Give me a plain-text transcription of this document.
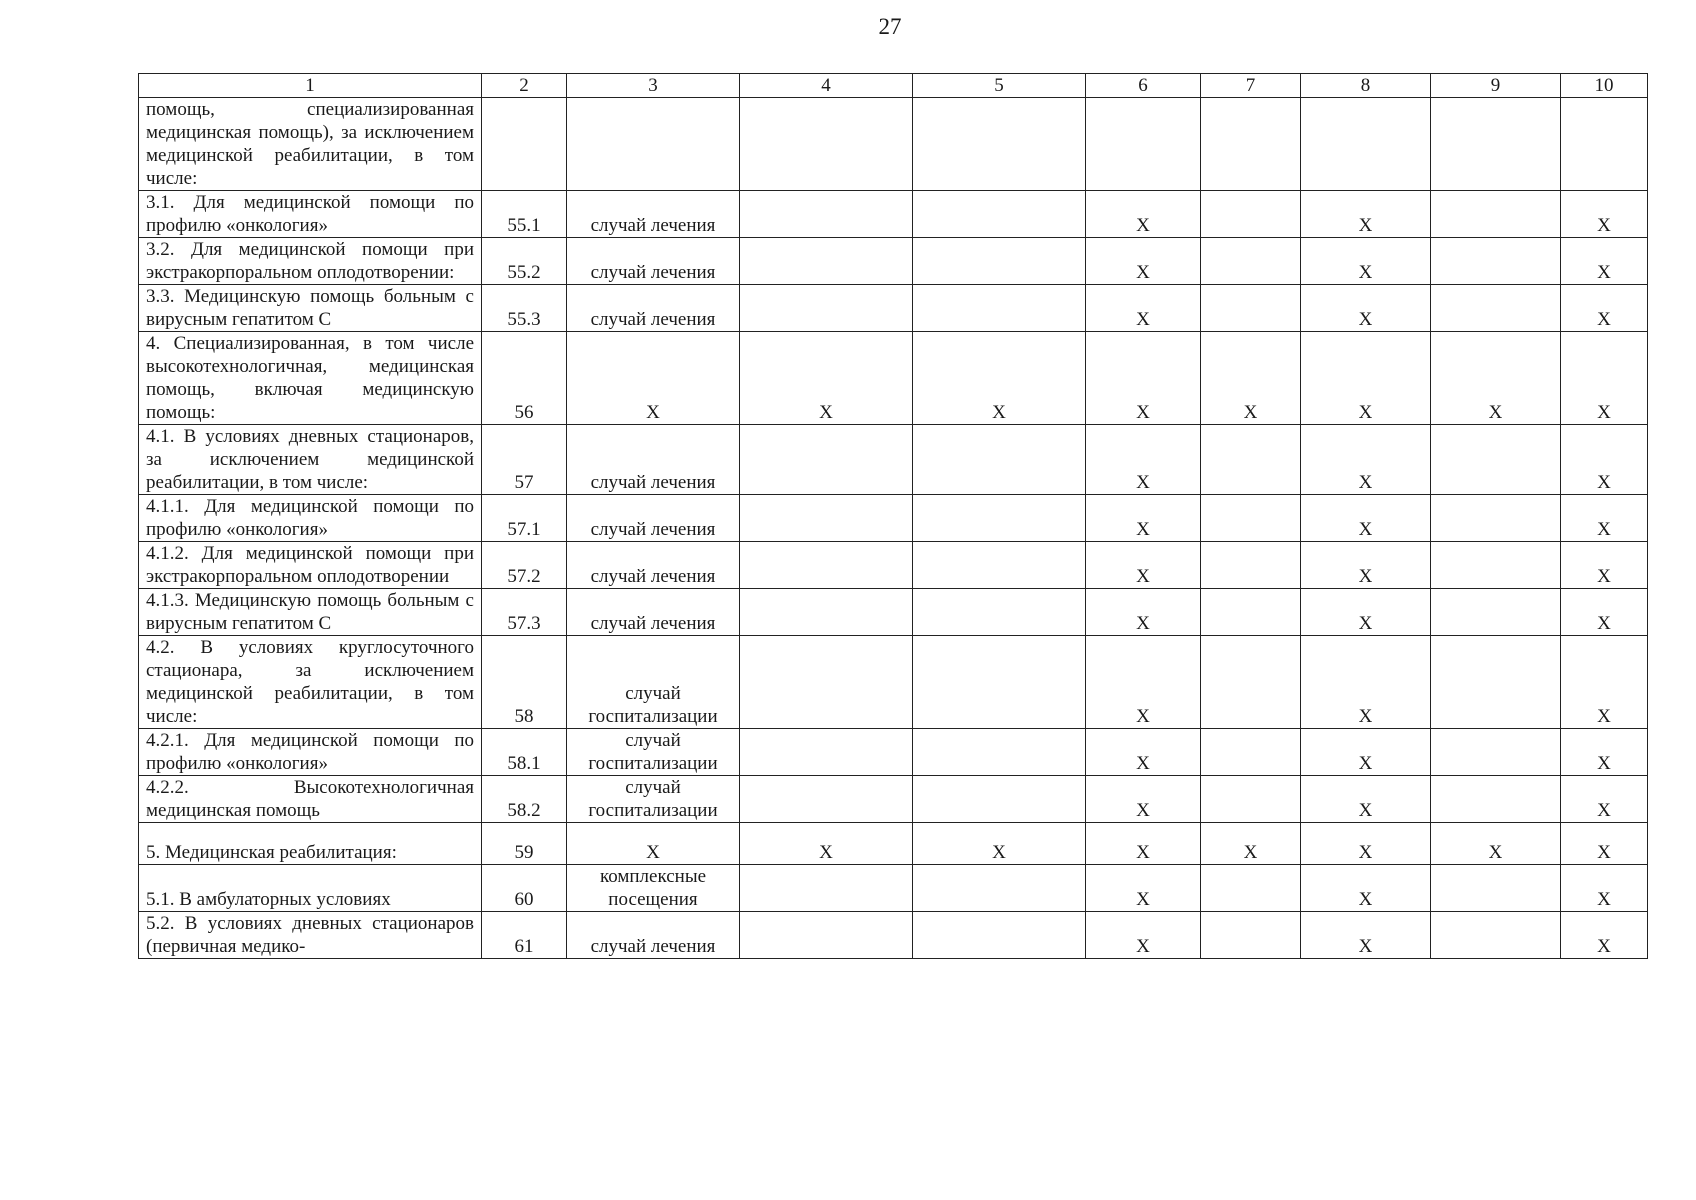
27
1	2	3	4	5	6	7	8	9	10
помощь, специализированная медицинская помощь), за исключением медицинской реабилитации, в том числе:									
3.1. Для медицинской помощи по профилю «онкология»	55.1	случай лечения			X		X		X
3.2. Для медицинской помощи при экстракорпоральном оплодотворении:	55.2	случай лечения			X		X		X
3.3. Медицинскую помощь больным с вирусным гепатитом С	55.3	случай лечения			X		X		X
4. Специализированная, в том числе высокотехнологичная, медицинская помощь, включая медицинскую помощь:	56	X	X	X	X	X	X	X	X
4.1. В условиях дневных стационаров, за исключением медицинской реабилитации, в том числе:	57	случай лечения			X		X		X
4.1.1. Для медицинской помощи по профилю «онкология»	57.1	случай лечения			X		X		X
4.1.2. Для медицинской помощи при экстракорпоральном оплодотворении	57.2	случай лечения			X		X		X
4.1.3. Медицинскую помощь больным с вирусным гепатитом С	57.3	случай лечения			X		X		X
4.2. В условиях круглосуточного стационара, за исключением медицинской реабилитации, в том числе:	58	случай госпитализации			X		X		X
4.2.1. Для медицинской помощи по профилю «онкология»	58.1	случай госпитализации			X		X		X
4.2.2. Высокотехнологичная медицинская помощь	58.2	случай госпитализации			X		X		X
5. Медицинская реабилитация:	59	X	X	X	X	X	X	X	X
5.1. В амбулаторных условиях	60	комплексные посещения			X		X		X
5.2. В условиях дневных стационаров (первичная медико-	61	случай лечения			X		X		X
